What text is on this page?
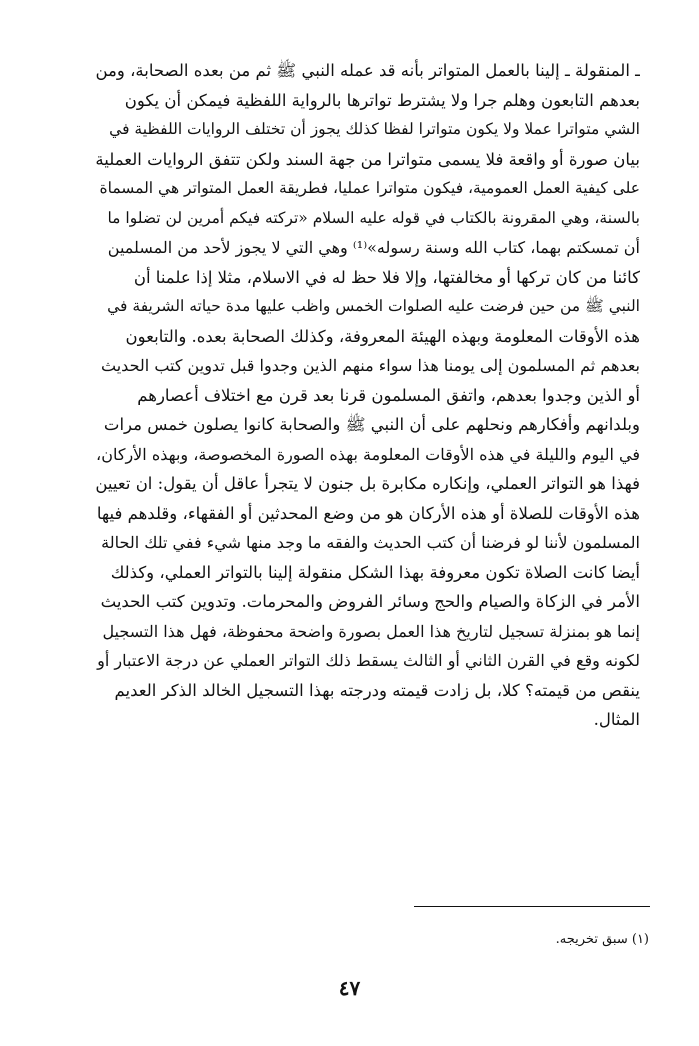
ـ المنقولة ـ إلينا بالعمل المتواتر بأنه قد عمله النبي ﷺ ثم من بعده الصحابة، ومن
بعدهم التابعون وهلم جرا ولا يشترط تواترها بالرواية اللفظية فيمكن أن يكون
الشي متواترا عملا ولا يكون متواترا لفظا كذلك يجوز أن تختلف الروايات اللفظية في
بيان صورة أو واقعة فلا يسمى متواترا من جهة السند ولكن تتفق الروايات العملية
على كيفية العمل العمومية، فيكون متواترا عمليا، فطريقة العمل المتواتر هي المسماة
بالسنة، وهي المقرونة بالكتاب في قوله عليه السلام «تركته فيكم أمرين لن تضلوا ما
أن تمسكتم بهما، كتاب الله وسنة رسوله»⁽¹⁾ وهي التي لا يجوز لأحد من المسلمين
كائنا من كان تركها أو مخالفتها، وإلا فلا حظ له في الاسلام، مثلا إذا علمنا أن
النبي ﷺ من حين فرضت عليه الصلوات الخمس واظب عليها مدة حياته الشريفة في
هذه الأوقات المعلومة وبهذه الهيئة المعروفة، وكذلك الصحابة بعده. والتابعون
بعدهم ثم المسلمون إلى يومنا هذا سواء منهم الذين وجدوا قبل تدوين كتب الحديث
أو الذين وجدوا بعدهم، واتفق المسلمون قرنا بعد قرن مع اختلاف أعصارهم
وبلدانهم وأفكارهم ونحلهم على أن النبي ﷺ والصحابة كانوا يصلون خمس مرات
في اليوم والليلة في هذه الأوقات المعلومة بهذه الصورة المخصوصة، وبهذه الأركان،
فهذا هو التواتر العملي، وإنكاره مكابرة بل جنون لا يتجرأ عاقل أن يقول: ان تعيين
هذه الأوقات للصلاة أو هذه الأركان هو من وضع المحدثين أو الفقهاء، وقلدهم فيها
المسلمون لأننا لو فرضنا أن كتب الحديث والفقه ما وجد منها شيء ففي تلك الحالة
أيضا كانت الصلاة تكون معروفة بهذا الشكل منقولة إلينا بالتواتر العملي، وكذلك
الأمر في الزكاة والصيام والحج وسائر الفروض والمحرمات. وتدوين كتب الحديث
إنما هو بمنزلة تسجيل لتاريخ هذا العمل بصورة واضحة محفوظة، فهل هذا التسجيل
لكونه وقع في القرن الثاني أو الثالث يسقط ذلك التواتر العملي عن درجة الاعتبار أو
ينقص من قيمته؟ كلا، بل زادت قيمته ودرجته بهذا التسجيل الخالد الذكر العديم
المثال.
(١) سبق تخريجه.
٤٧
